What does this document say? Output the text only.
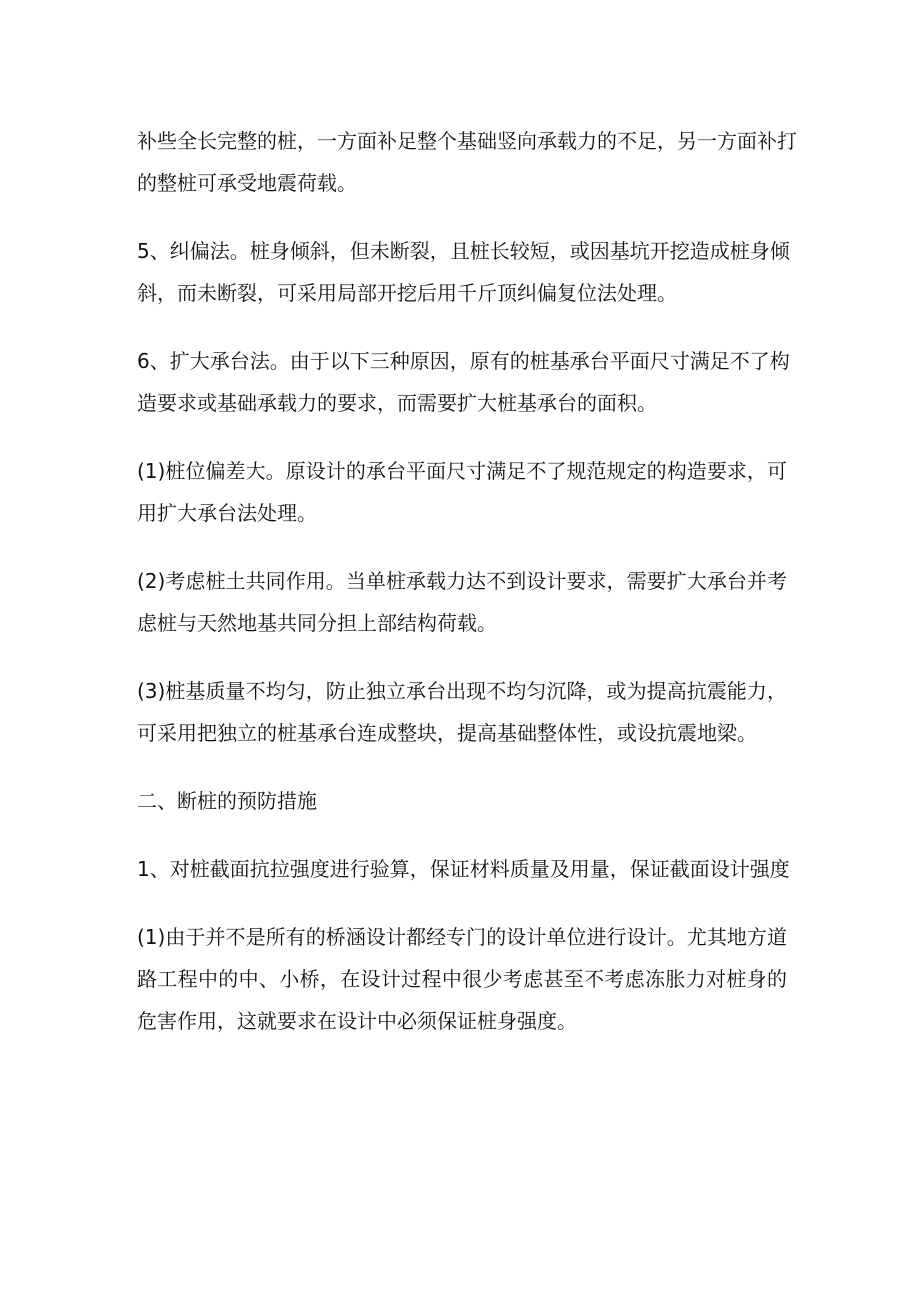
补些全长完整的桩，一方面补足整个基础竖向承载力的不足，另一方面补打
的整桩可承受地震荷载。

5、纠偏法。桩身倾斜，但未断裂，且桩长较短，或因基坑开挖造成桩身倾
斜，而未断裂，可采用局部开挖后用千斤顶纠偏复位法处理。

6、扩大承台法。由于以下三种原因，原有的桩基承台平面尺寸满足不了构
造要求或基础承载力的要求，而需要扩大桩基承台的面积。

(1)桩位偏差大。原设计的承台平面尺寸满足不了规范规定的构造要求，可
用扩大承台法处理。

(2)考虑桩土共同作用。当单桩承载力达不到设计要求，需要扩大承台并考
虑桩与天然地基共同分担上部结构荷载。

(3)桩基质量不均匀，防止独立承台出现不均匀沉降，或为提高抗震能力，
可采用把独立的桩基承台连成整块，提高基础整体性，或设抗震地梁。

二、断桩的预防措施

1、对桩截面抗拉强度进行验算，保证材料质量及用量，保证截面设计强度

(1)由于并不是所有的桥涵设计都经专门的设计单位进行设计。尤其地方道
路工程中的中、小桥，在设计过程中很少考虑甚至不考虑冻胀力对桩身的
危害作用，这就要求在设计中必须保证桩身强度。
